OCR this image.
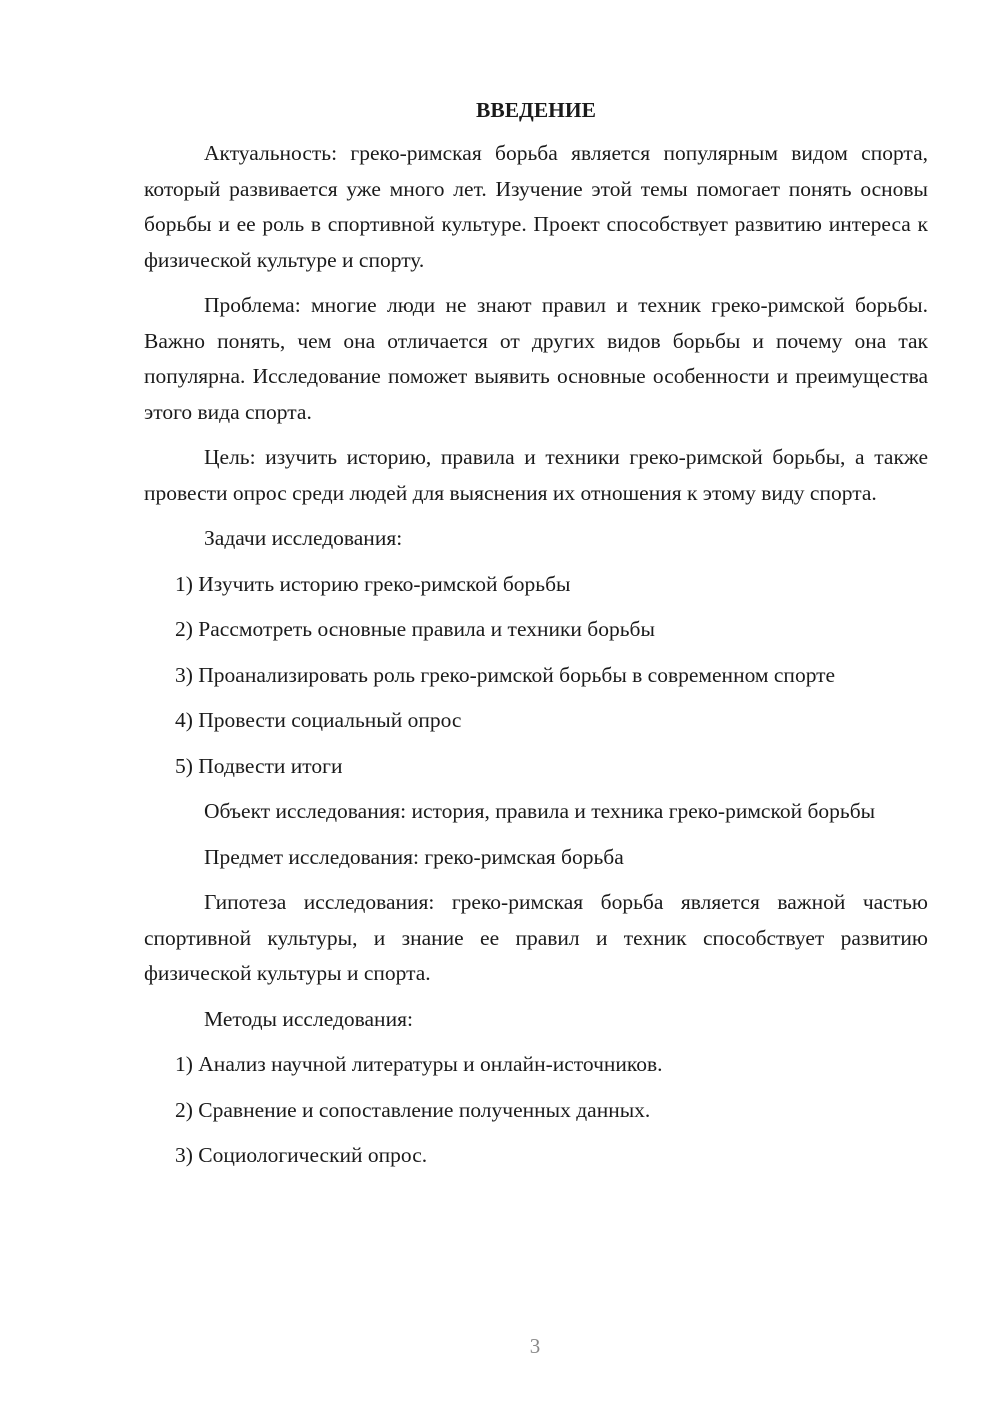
ВВЕДЕНИЕ

Актуальность: греко-римская борьба является популярным видом спорта, который развивается уже много лет. Изучение этой темы помогает понять основы борьбы и ее роль в спортивной культуре. Проект способствует развитию интереса к физической культуре и спорту.

Проблема: многие люди не знают правил и техник греко-римской борьбы. Важно понять, чем она отличается от других видов борьбы и почему она так популярна. Исследование поможет выявить основные особенности и преимущества этого вида спорта.

Цель: изучить историю, правила и техники греко-римской борьбы, а также провести опрос среди людей для выяснения их отношения к этому виду спорта.

Задачи исследования:

1) Изучить историю греко-римской борьбы

2) Рассмотреть основные правила и техники борьбы

3) Проанализировать роль греко-римской борьбы в современном спорте

4) Провести социальный опрос

5) Подвести итоги

Объект исследования: история, правила и техника греко-римской борьбы

Предмет исследования: греко-римская борьба

Гипотеза исследования: греко-римская борьба является важной частью спортивной культуры, и знание ее правил и техник способствует развитию физической культуры и спорта.

Методы исследования:

1) Анализ научной литературы и онлайн-источников.

2) Сравнение и сопоставление полученных данных.

3) Социологический опрос.

3
